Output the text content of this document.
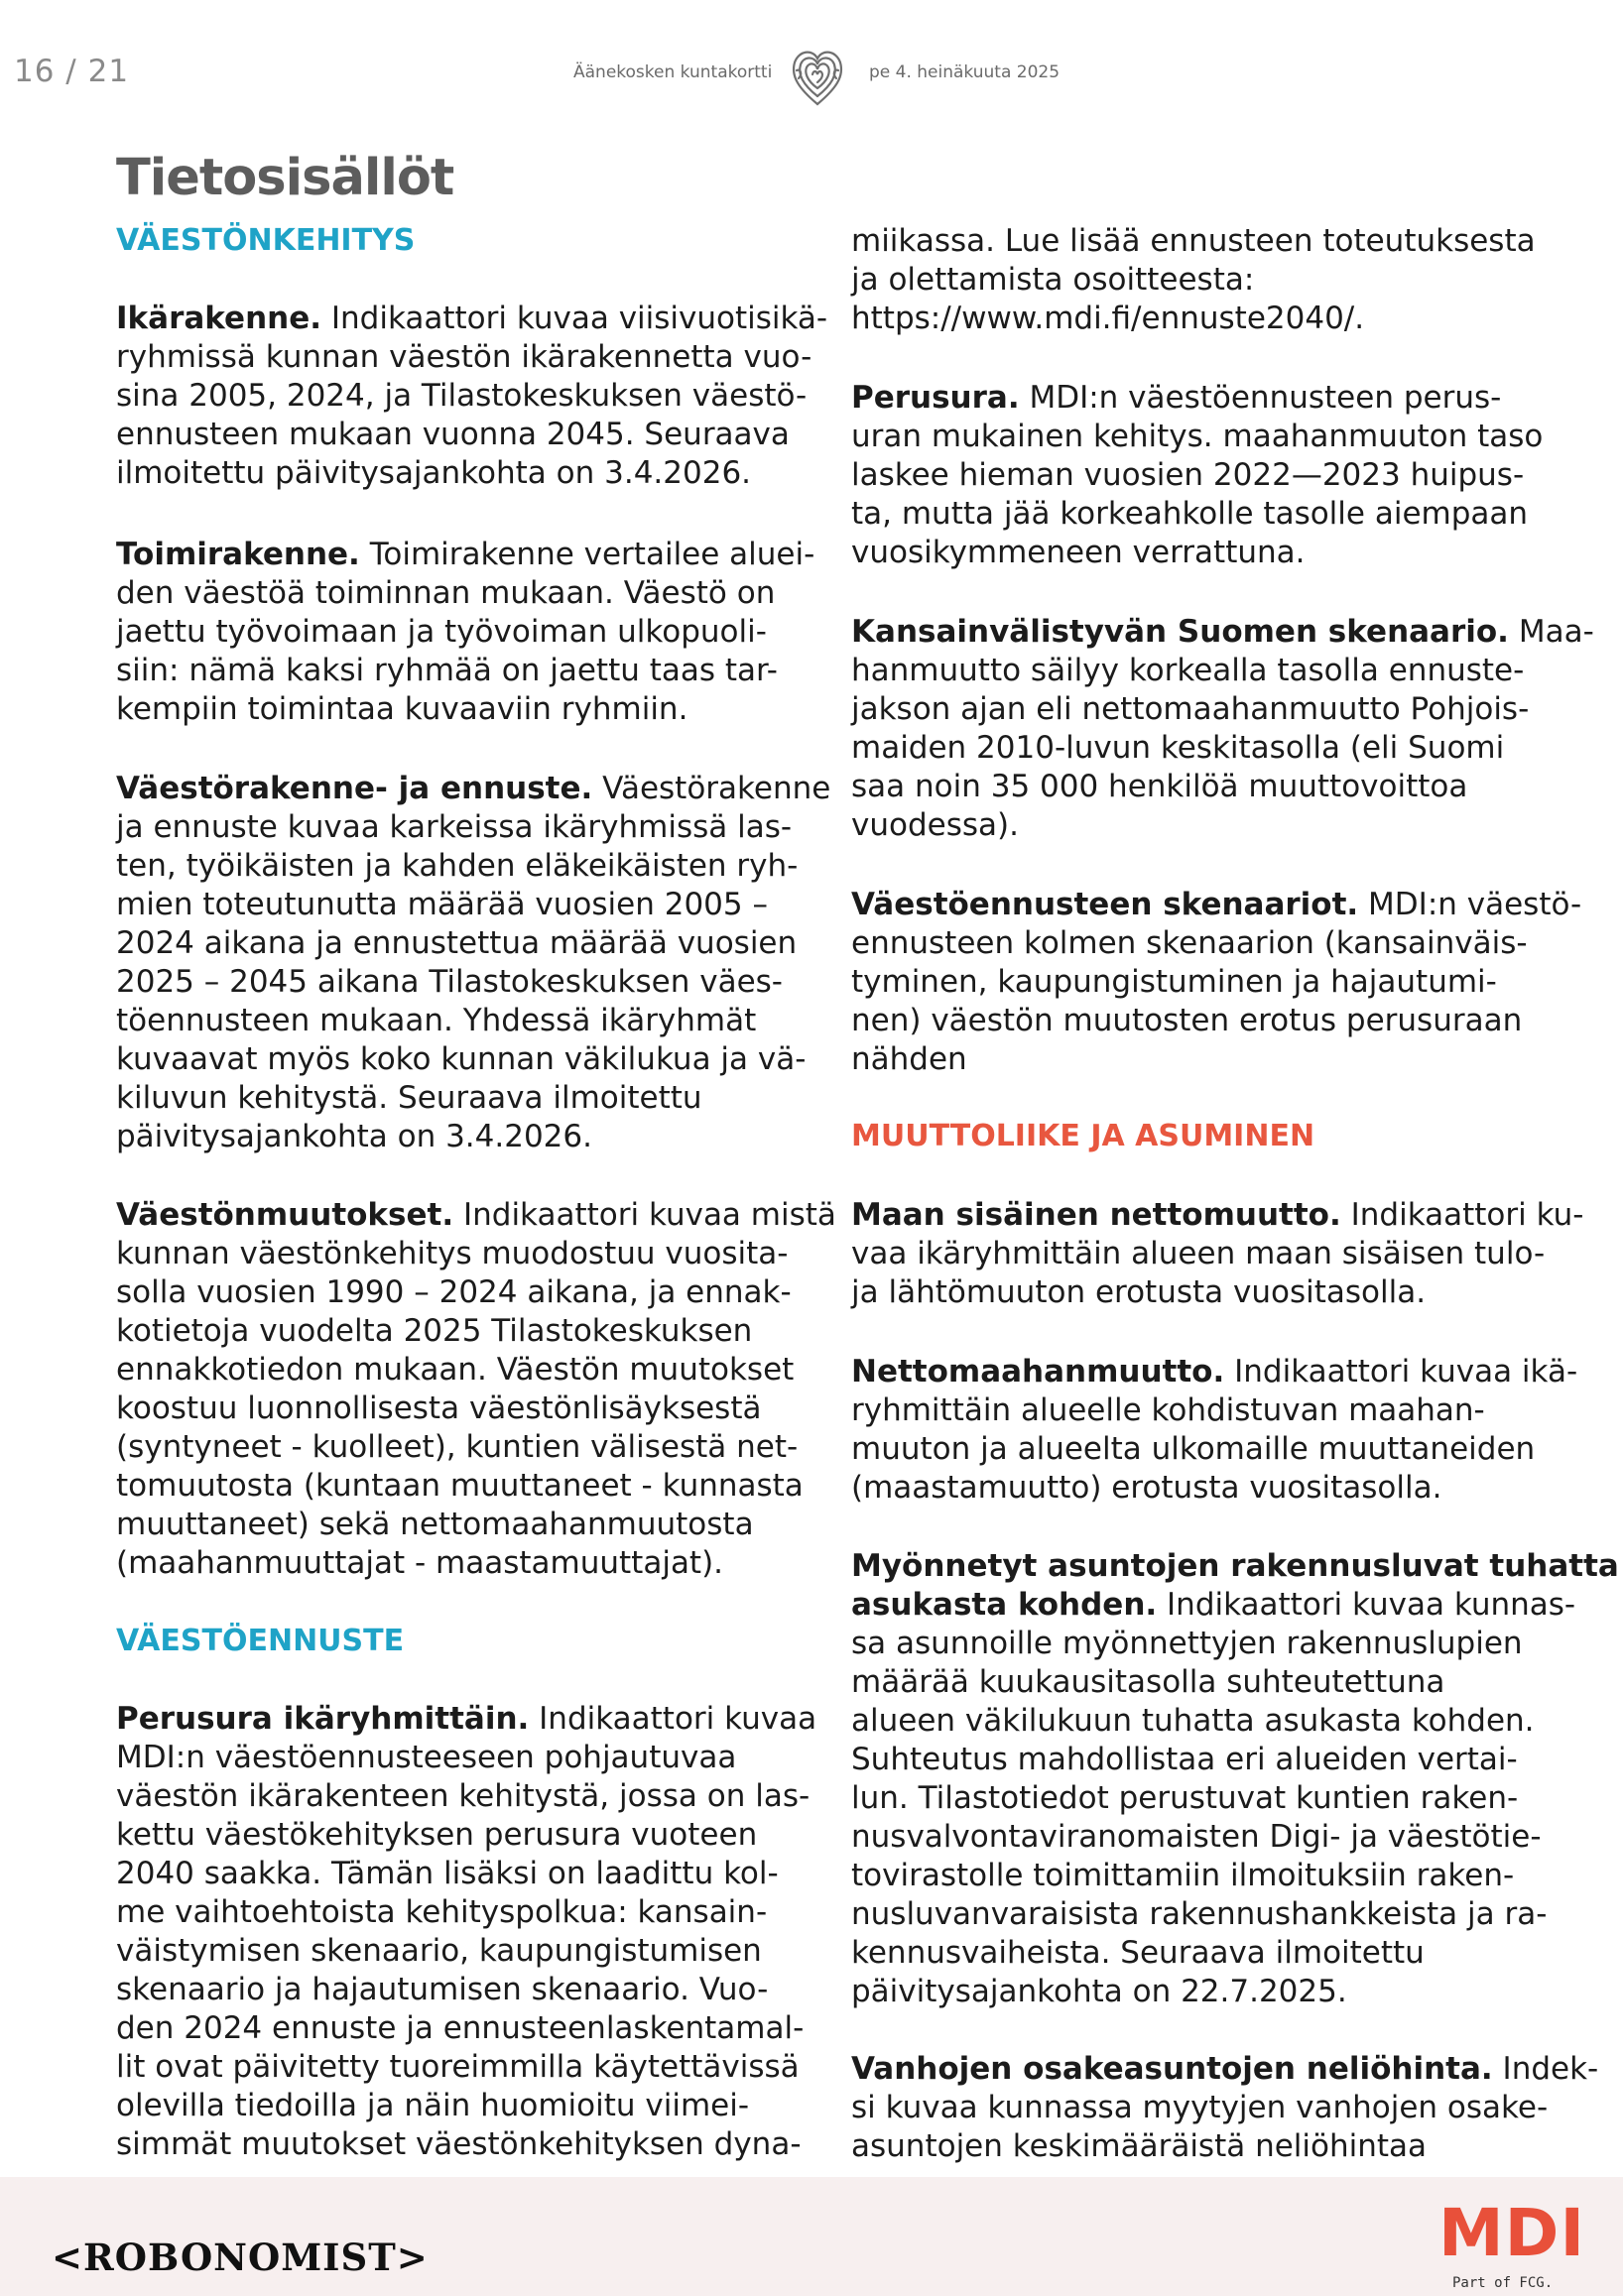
16 / 21	Äänekosken kuntakortti	pe 4. heinäkuuta 2025
Tietosisällöt
VÄESTÖNKEHITYS
Ikärakenne. Indikaattori kuvaa viisivuotisikä-
ryhmissä kunnan väestön ikärakennetta vuo-
sina 2005, 2024, ja Tilastokeskuksen väestö-
ennusteen mukaan vuonna 2045. Seuraava
ilmoitettu päivitysajankohta on 3.4.2026.
Toimirakenne. Toimirakenne vertailee aluei-
den väestöä toiminnan mukaan. Väestö on
jaettu työvoimaan ja työvoiman ulkopuoli-
siin: nämä kaksi ryhmää on jaettu taas tar-
kempiin toimintaa kuvaaviin ryhmiin.
Väestörakenne- ja ennuste. Väestörakenne
ja ennuste kuvaa karkeissa ikäryhmissä las-
ten, työikäisten ja kahden eläkeikäisten ryh-
mien toteutunutta määrää vuosien 2005 –
2024 aikana ja ennustettua määrää vuosien
2025 – 2045 aikana Tilastokeskuksen väes-
töennusteen mukaan. Yhdessä ikäryhmät
kuvaavat myös koko kunnan väkilukua ja vä-
kiluvun kehitystä. Seuraava ilmoitettu
päivitysajankohta on 3.4.2026.
Väestönmuutokset. Indikaattori kuvaa mistä
kunnan väestönkehitys muodostuu vuosita-
solla vuosien 1990 – 2024 aikana, ja ennak-
kotietoja vuodelta 2025 Tilastokeskuksen
ennakkotiedon mukaan. Väestön muutokset
koostuu luonnollisesta väestönlisäyksestä
(syntyneet - kuolleet), kuntien välisestä net-
tomuutosta (kuntaan muuttaneet - kunnasta
muuttaneet) sekä nettomaahanmuutosta
(maahanmuuttajat - maastamuuttajat).
VÄESTÖENNUSTE
Perusura ikäryhmittäin. Indikaattori kuvaa
MDI:n väestöennusteeseen pohjautuvaa
väestön ikärakenteen kehitystä, jossa on las-
kettu väestökehityksen perusura vuoteen
2040 saakka. Tämän lisäksi on laadittu kol-
me vaihtoehtoista kehityspolkua: kansain-
väistymisen skenaario, kaupungistumisen
skenaario ja hajautumisen skenaario. Vuo-
den 2024 ennuste ja ennusteenlaskentamal-
lit ovat päivitetty tuoreimmilla käytettävissä
olevilla tiedoilla ja näin huomioitu viimei-
simmät muutokset väestönkehityksen dyna-
miikassa. Lue lisää ennusteen toteutuksesta
ja olettamista osoitteesta:
https://www.mdi.fi/ennuste2040/.
Perusura. MDI:n väestöennusteen perus-
uran mukainen kehitys. maahanmuuton taso
laskee hieman vuosien 2022—2023 huipus-
ta, mutta jää korkeahkolle tasolle aiempaan
vuosikymmeneen verrattuna.
Kansainvälistyvän Suomen skenaario. Maa-
hanmuutto säilyy korkealla tasolla ennuste-
jakson ajan eli nettomaahanmuutto Pohjois-
maiden 2010-luvun keskitasolla (eli Suomi
saa noin 35 000 henkilöä muuttovoittoa
vuodessa).
Väestöennusteen skenaariot. MDI:n väestö-
ennusteen kolmen skenaarion (kansainväis-
tyminen, kaupungistuminen ja hajautumi-
nen) väestön muutosten erotus perusuraan
nähden
MUUTTOLIIKE JA ASUMINEN
Maan sisäinen nettomuutto. Indikaattori ku-
vaa ikäryhmittäin alueen maan sisäisen tulo-
ja lähtömuuton erotusta vuositasolla.
Nettomaahanmuutto. Indikaattori kuvaa ikä-
ryhmittäin alueelle kohdistuvan maahan-
muuton ja alueelta ulkomaille muuttaneiden
(maastamuutto) erotusta vuositasolla.
Myönnetyt asuntojen rakennusluvat tuhatta
asukasta kohden. Indikaattori kuvaa kunnas-
sa asunnoille myönnettyjen rakennuslupien
määrää kuukausitasolla suhteutettuna
alueen väkilukuun tuhatta asukasta kohden.
Suhteutus mahdollistaa eri alueiden vertai-
lun. Tilastotiedot perustuvat kuntien raken-
nusvalvontaviranomaisten Digi- ja väestötie-
tovirastolle toimittamiin ilmoituksiin raken-
nusluvanvaraisista rakennushankkeista ja ra-
kennusvaiheista. Seuraava ilmoitettu
päivitysajankohta on 22.7.2025.
Vanhojen osakeasuntojen neliöhinta. Indek-
si kuvaa kunnassa myytyjen vanhojen osake-
asuntojen keskimääräistä neliöhintaa
<ROBONOMIST>	MDI
Part of FCG.
